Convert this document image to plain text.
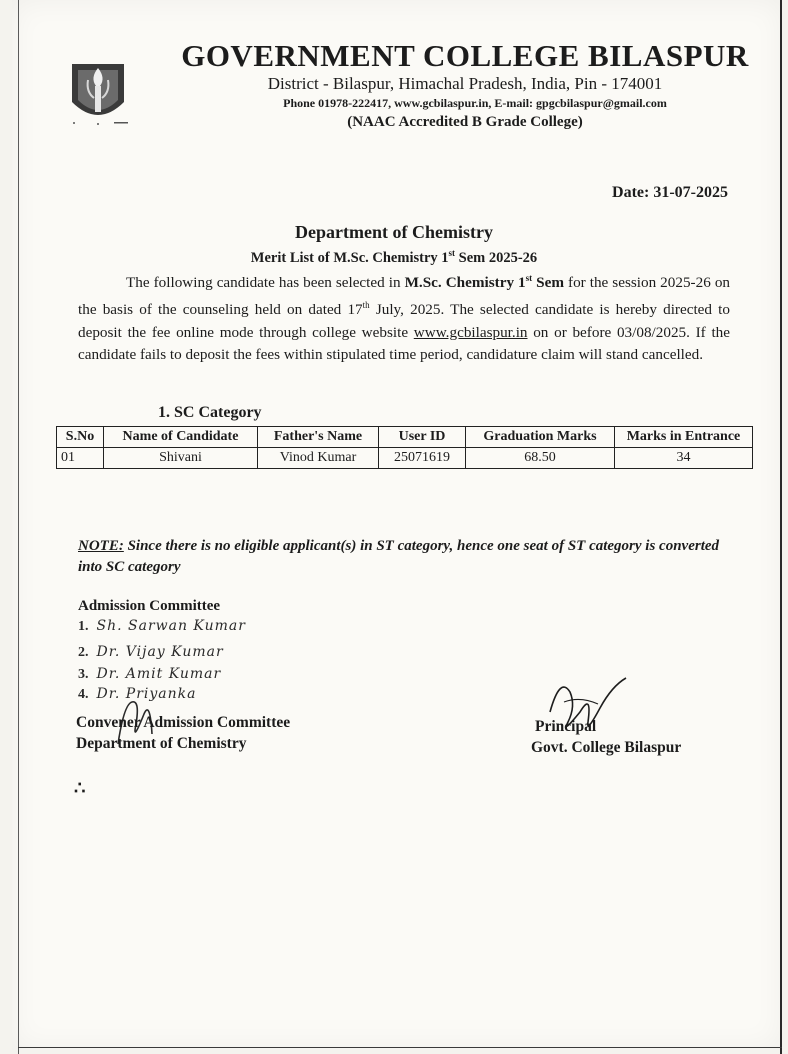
GOVERNMENT COLLEGE BILASPUR
District - Bilaspur, Himachal Pradesh, India, Pin - 174001
Phone 01978-222417, www.gcbilaspur.in, E-mail: gpgcbilaspur@gmail.com
(NAAC Accredited B Grade College)
Date: 31-07-2025
Department of Chemistry
Merit List of M.Sc. Chemistry 1st Sem 2025-26
The following candidate has been selected in M.Sc. Chemistry 1st Sem for the session 2025-26 on the basis of the counseling held on dated 17th July, 2025. The selected candidate is hereby directed to deposit the fee online mode through college website www.gcbilaspur.in on or before 03/08/2025. If the candidate fails to deposit the fees within stipulated time period, candidature claim will stand cancelled.
1. SC Category
S.No	Name of Candidate	Father's Name	User ID	Graduation Marks	Marks in Entrance
01	Shivani	Vinod Kumar	25071619	68.50	34
NOTE: Since there is no eligible applicant(s) in ST category, hence one seat of ST category is converted into SC category
Admission Committee
1. Sh. Sarwan Kumar
2. Dr. Vijay Kumar
3. Dr. Amit Kumar
4. Dr. Priyanka
Convener Admission Committee
Department of Chemistry
Principal
Govt. College Bilaspur
∴
